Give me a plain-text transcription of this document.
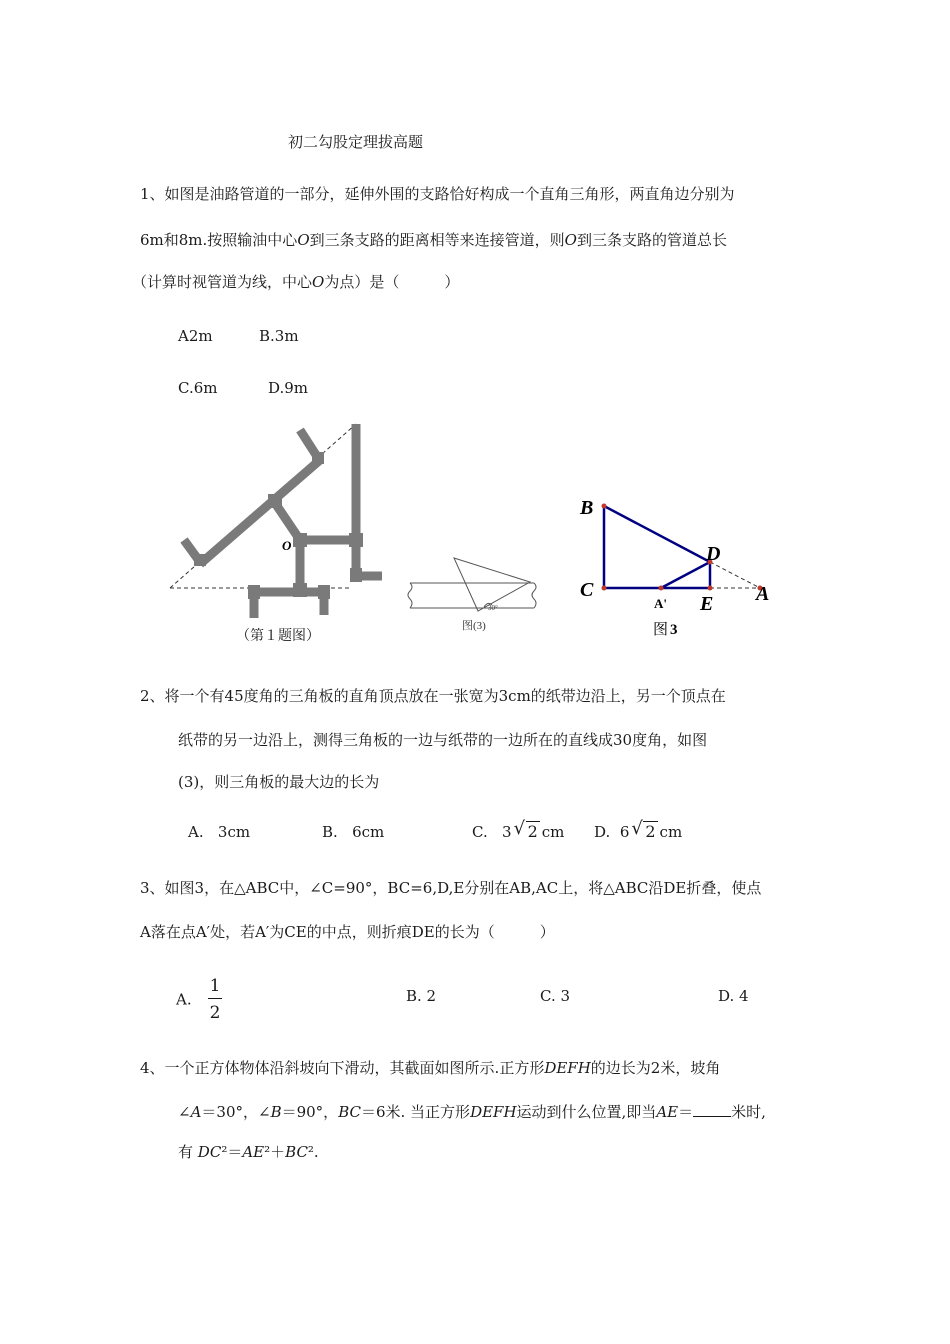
初二勾股定理拔高题
1、如图是油路管道的一部分，延伸外围的支路恰好构成一个直角三角形，两直角边分别为
6m和8m.按照输油中心O到三条支路的距离相等来连接管道，则O到三条支路的管道总长
（计算时视管道为线，中心O为点）是（　　　）
A2m	B.3m
C.6m	D.9m
O
（第１题图）
30°
图(3)
B
C
D
E A
A'
图 3
2、将一个有45度角的三角板的直角顶点放在一张宽为3cm的纸带边沿上，另一个顶点在
纸带的另一边沿上，测得三角板的一边与纸带的一边所在的直线成30度角，如图
(3)，则三角板的最大边的长为
A. 3cm	B. 6cm	C. 3 √ 2 cm D. 6 √ 2 cm
3、如图3，在△ABC中，∠C=90°，BC=6,D,E分别在AB,AC上，将△ABC沿DE折叠，使点
A落在点A′处，若A′为CE的中点，则折痕DE的长为（　　　）
A. $\frac{1}{2}$	B. 2	C. 3	D. 4
4、一个正方体物体沿斜坡向下滑动，其截面如图所示.正方形DEFH的边长为2米，坡角
∠A＝30°，∠B＝90°，BC＝6米. 当正方形DEFH运动到什么位置,即当AE＝	米时,
有 DC²＝AE²＋BC².
